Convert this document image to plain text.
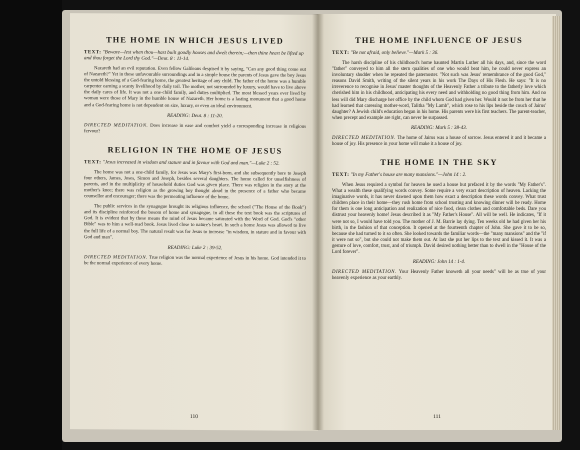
THE HOME IN WHICH JESUS LIVED
TEXT: "Beware—lest when thou—hast built goodly houses and dwelt therein;—then thine heart be lifted up and thou forget the Lord thy God."—Deut. 8 : 11-14.

Nazareth had an evil reputation. Even fellow Galileans despised it by saying, "Can any good thing come out of Nazareth?" Yet in these unfavourable surroundings and in a simple house the parents of Jesus gave the boy Jesus the untold blessing of a God-fearing home, the greatest heritage of any child. The father of the home was a humble carpenter earning a scanty livelihood by daily toil. The mother, not surrounded by luxury, would have to live above the daily cares of life. It was not a one-child family, and duties multiplied. The most blessed years ever lived by woman were those of Mary in the humble house of Nazareth. Her home is a lasting monument that a good home and a God-fearing home is not dependent on size, luxury, or even an ideal environment.

READING: Deut. 8 : 11-20.

DIRECTED MEDITATION. Does increase in ease and comfort yield a corresponding increase in religious fervour?

RELIGION IN THE HOME OF JESUS
TEXT: "Jesus increased in wisdom and stature and in favour with God and man."—Luke 2 : 52.

The home was not a one-child family, for Jesus was Mary's first-born, and she subsequently bore to Joseph four others, James, Joses, Simon and Joseph, besides several daughters. The home called for unselfishness of parents, and in the multiplicity of household duties God was given place. There was religion in the story at the mother's knee; there was religion as the growing boy thought aloud in the presence of a father who became counsellor and encourager; there was the permeating influence of the home.

The public services in the synagogue brought its religious influence, the school ("The House of the Book") and its discipline reinforced the bosom of home and synagogue, in all these the text book was the scriptures of God. It is evident that by these means the mind of Jesus became saturated with the Word of God. God's "other Bible" was to him a well-read book. Jesus lived close to nature's heart. In such a home Jesus was allowed to live the full life of a normal boy. The natural result was for Jesus to increase "in wisdom, in stature and in favour with God and man".

READING: Luke 2 : 39-52.

DIRECTED MEDITATION. True religion was the normal experience of Jesus in his home. God intended it to be the normal experience of every home.

110
THE HOME INFLUENCE OF JESUS
TEXT: "Be not afraid, only believe."—Mark 5 : 36.

The harsh discipline of his childhood's home haunted Martin Luther all his days, and, since the word "father" conveyed to him all the stern qualities of one who would beat him, he could never express an involuntary shudder when he repeated the paternoster. "Not such was Jesus' remembrance of the good God," reasons David Smith, writing of the silent years in his work The Days of His Flesh. He says: "It is no irreverence to recognise in Jesus' master thoughts of the Heavenly Father a tribute to the fatherly love which cherished him in his childhood, anticipating his every need and withholding no good thing from him. And no less will did Mary discharge her office by the child whom God had given her. Would it not be from her that he had learned that caressing mother-word, Talitha "My Lamb", which rose to his lips beside the couch of Jairus' daughter? A Jewish child's education began in his home. His parents were his first teachers. The parent-teacher, when precept and example are right, can never be surpassed.

READING: Mark 5 : 38-43.

DIRECTED MEDITATION. The home of Jairus was a house of sorrow. Jesus entered it and it became a house of joy. His presence in your home will make it a house of joy.

THE HOME IN THE SKY
TEXT: "In my Father's house are many mansions."—John 14 : 2.

When Jesus required a symbol for heaven he used a house but prefaced it by the words "My Father's". What a wealth these qualifying words convey. Some require a very exact description of heaven. Lacking the imaginative words, it has never dawned upon them how exact a description these words convey. What trust children place in their home—they rush home from school trusting and knowing dinner will be ready. Home for them is one long anticipation and realization of nice food, clean clothes and comfortable beds. Dare you distrust your heavenly home! Jesus described it as "My Father's House". All will be well. He indicates, "If it were not so, I would have told you. The mother of J. M. Barrie lay dying. Ten weeks old he had given her his birth, in the fashion of that conception. It opened at the fourteenth chapter of John. She gave it to be so, because she had turned to it so often. She looked towards the familiar words—the "many mansions" and the "if it were not so", but she could not make them out. At last she put her lips to the text and kissed it. It was a gesture of love, comfort, trust, and of triumph. David desired nothing better than to dwell in the "House of the Lord forever".

READING: John 14 : 1-4.

DIRECTED MEDITATION. Your Heavenly Father knoweth all your needs" will be as true of your heavenly experience as your earthly.

111
